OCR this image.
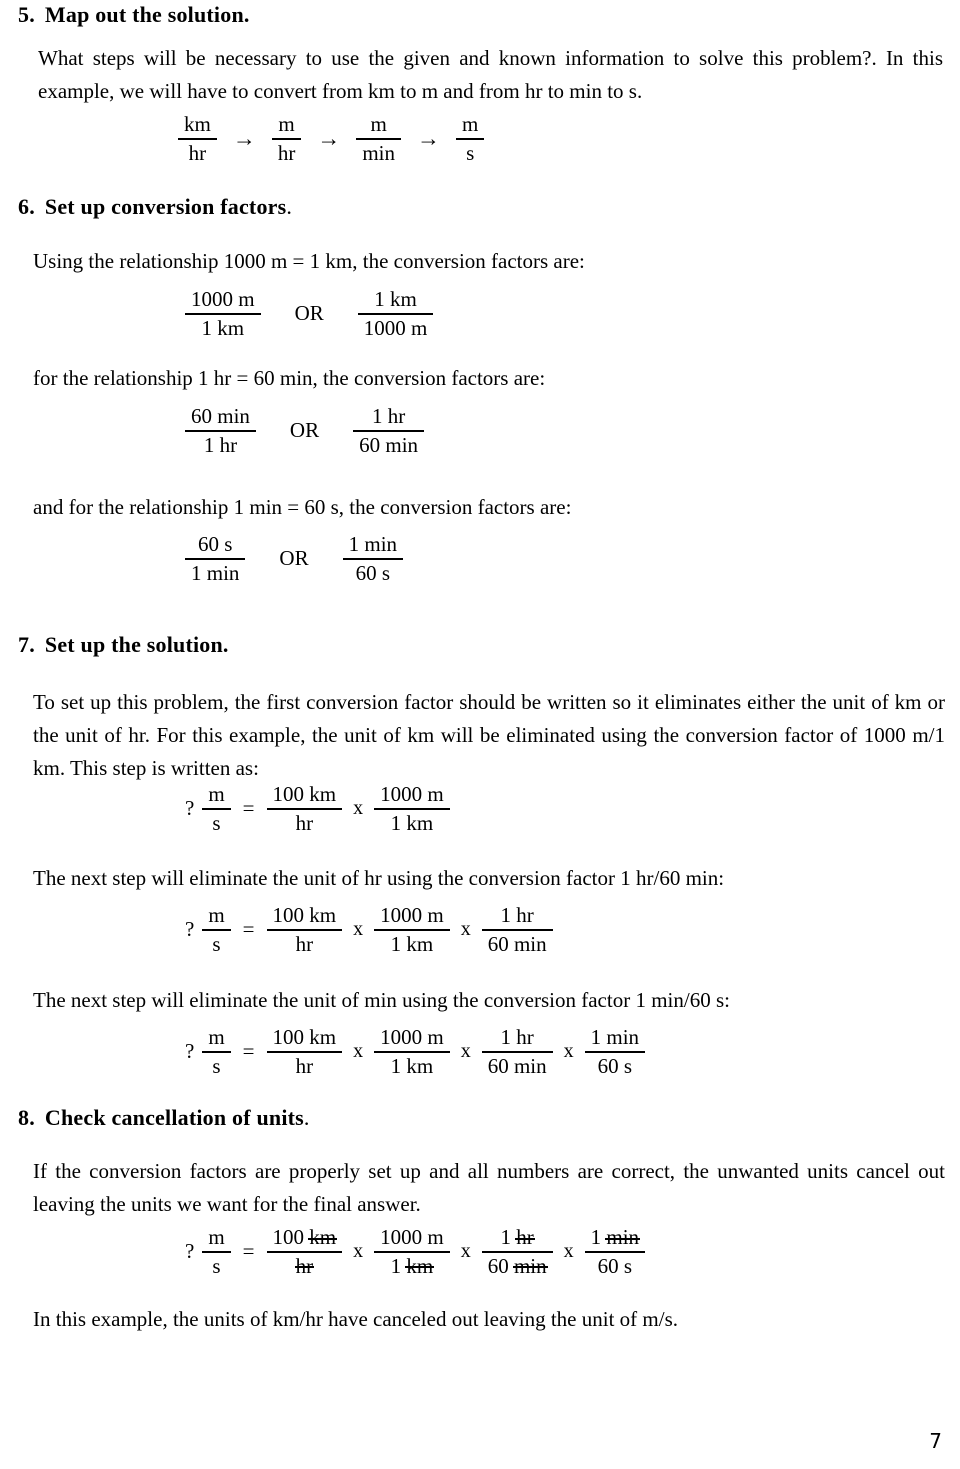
5. Map out the solution.
What steps will be necessary to use the given and known information to solve this problem?. In this example, we will have to convert from km to m and from hr to min to s.
$\frac{km}{hr} \to \frac{m}{hr} \to \frac{m}{\min} \to \frac{m}{s}$
6. Set up conversion factors.
Using the relationship 1000 m = 1 km, the conversion factors are:
$\frac{1000 m}{1 km}$	OR	$\frac{1 km}{1000 m}$
for the relationship 1 hr = 60 min, the conversion factors are:
$\frac{60 \min}{1 hr}$	OR	$\frac{1 hr}{60 \min}$
and for the relationship 1 min = 60 s, the conversion factors are:
$\frac{60 s}{1 \min}$	OR	$\frac{1 \min}{60 s}$
7. Set up the solution.
To set up this problem, the first conversion factor should be written so it eliminates either the unit of km or the unit of hr. For this example, the unit of km will be eliminated using the conversion factor of 1000 m/1 km. This step is written as:
? $\frac{m}{s} = \frac{100 km}{hr}$ x $\frac{1000 m}{1 km}$
The next step will eliminate the unit of hr using the conversion factor 1 hr/60 min:
? $\frac{m}{s} = \frac{100 km}{hr}$ x $\frac{1000 m}{1 km}$ x $\frac{1 hr}{60 \min}$
The next step will eliminate the unit of min using the conversion factor 1 min/60 s:
? $\frac{m}{s} = \frac{100 km}{hr}$ x $\frac{1000 m}{1 km}$ x $\frac{1 hr}{60 \min}$ x $\frac{1 \min}{60 s}$
8. Check cancellation of units.
If the conversion factors are properly set up and all numbers are correct, the unwanted units cancel out leaving the units we want for the final answer.
? $\frac{m}{s} = \frac{100 km}{hr}$ x $\frac{1000 m}{1 km}$ x $\frac{1 hr}{60 \min}$ x $\frac{1 \min}{60 s}$
In this example, the units of km/hr have canceled out leaving the unit of m/s.
7
